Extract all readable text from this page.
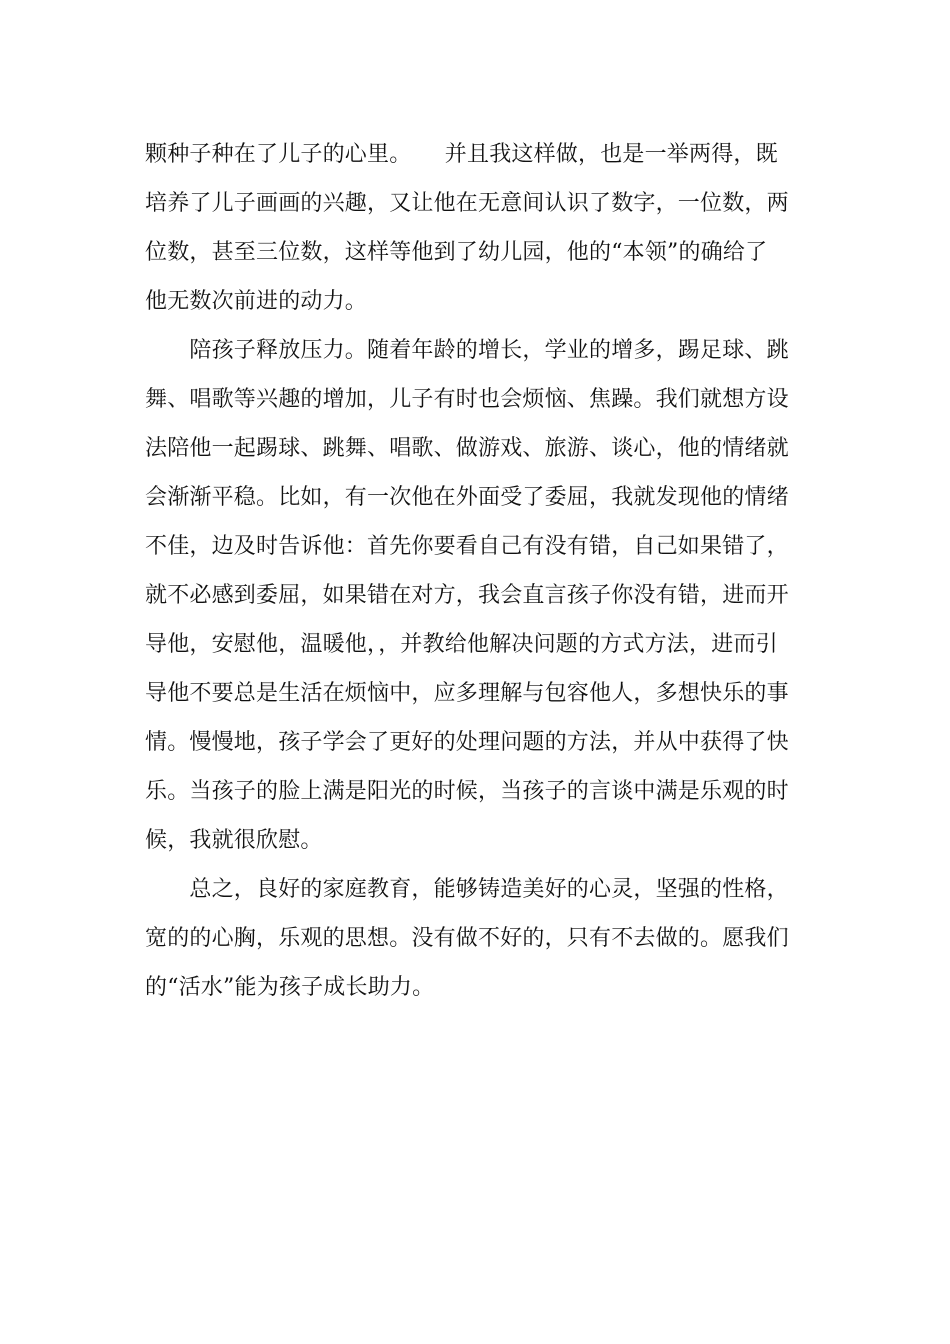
颗种子种在了儿子的心里。　　并且我这样做，也是一举两得，既
培养了儿子画画的兴趣，又让他在无意间认识了数字，一位数，两
位数，甚至三位数，这样等他到了幼儿园，他的“本领”的确给了
他无数次前进的动力。
　　陪孩子释放压力。随着年龄的增长，学业的增多，踢足球、跳
舞、唱歌等兴趣的增加，儿子有时也会烦恼、焦躁。我们就想方设
法陪他一起踢球、跳舞、唱歌、做游戏、旅游、谈心，他的情绪就
会渐渐平稳。比如，有一次他在外面受了委屈，我就发现他的情绪
不佳，边及时告诉他：首先你要看自己有没有错，自己如果错了，
就不必感到委屈，如果错在对方，我会直言孩子你没有错，进而开
导他，安慰他，温暖他，，并教给他解决问题的方式方法，进而引
导他不要总是生活在烦恼中，应多理解与包容他人，多想快乐的事
情。慢慢地，孩子学会了更好的处理问题的方法，并从中获得了快
乐。当孩子的脸上满是阳光的时候，当孩子的言谈中满是乐观的时
候，我就很欣慰。
　　总之，良好的家庭教育，能够铸造美好的心灵，坚强的性格，
宽的的心胸，乐观的思想。没有做不好的，只有不去做的。愿我们
的“活水”能为孩子成长助力。
